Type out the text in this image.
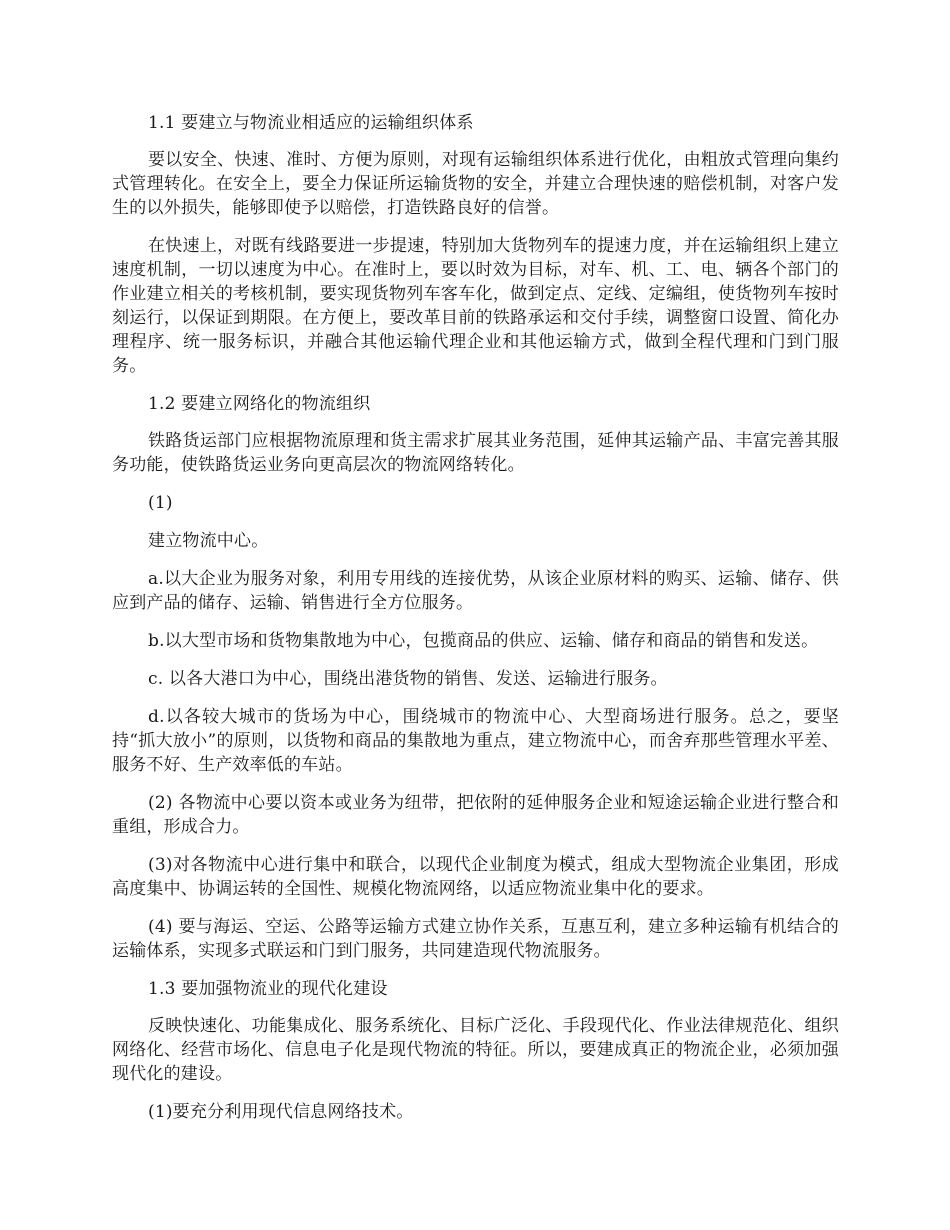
1.1 要建立与物流业相适应的运输组织体系

要以安全、快速、准时、方便为原则，对现有运输组织体系进行优化，由粗放式管理向集约式管理转化。在安全上，要全力保证所运输货物的安全，并建立合理快速的赔偿机制，对客户发生的以外损失，能够即使予以赔偿，打造铁路良好的信誉。

在快速上，对既有线路要进一步提速，特别加大货物列车的提速力度，并在运输组织上建立速度机制，一切以速度为中心。在准时上，要以时效为目标，对车、机、工、电、辆各个部门的作业建立相关的考核机制，要实现货物列车客车化，做到定点、定线、定编组，使货物列车按时刻运行，以保证到期限。在方便上，要改革目前的铁路承运和交付手续，调整窗口设置、简化办理程序、统一服务标识，并融合其他运输代理企业和其他运输方式，做到全程代理和门到门服务。

1.2 要建立网络化的物流组织

铁路货运部门应根据物流原理和货主需求扩展其业务范围，延伸其运输产品、丰富完善其服务功能，使铁路货运业务向更高层次的物流网络转化。

(1)

建立物流中心。

a.以大企业为服务对象，利用专用线的连接优势，从该企业原材料的购买、运输、储存、供应到产品的储存、运输、销售进行全方位服务。

b.以大型市场和货物集散地为中心，包揽商品的供应、运输、储存和商品的销售和发送。

c. 以各大港口为中心，围绕出港货物的销售、发送、运输进行服务。

d.以各较大城市的货场为中心，围绕城市的物流中心、大型商场进行服务。总之，要坚持“抓大放小”的原则，以货物和商品的集散地为重点，建立物流中心，而舍弃那些管理水平差、服务不好、生产效率低的车站。

(2) 各物流中心要以资本或业务为纽带，把依附的延伸服务企业和短途运输企业进行整合和重组，形成合力。

(3)对各物流中心进行集中和联合，以现代企业制度为模式，组成大型物流企业集团，形成高度集中、协调运转的全国性、规模化物流网络，以适应物流业集中化的要求。

(4) 要与海运、空运、公路等运输方式建立协作关系，互惠互利，建立多种运输有机结合的运输体系，实现多式联运和门到门服务，共同建造现代物流服务。

1.3 要加强物流业的现代化建设

反映快速化、功能集成化、服务系统化、目标广泛化、手段现代化、作业法律规范化、组织网络化、经营市场化、信息电子化是现代物流的特征。所以，要建成真正的物流企业，必须加强现代化的建设。

(1)要充分利用现代信息网络技术。
